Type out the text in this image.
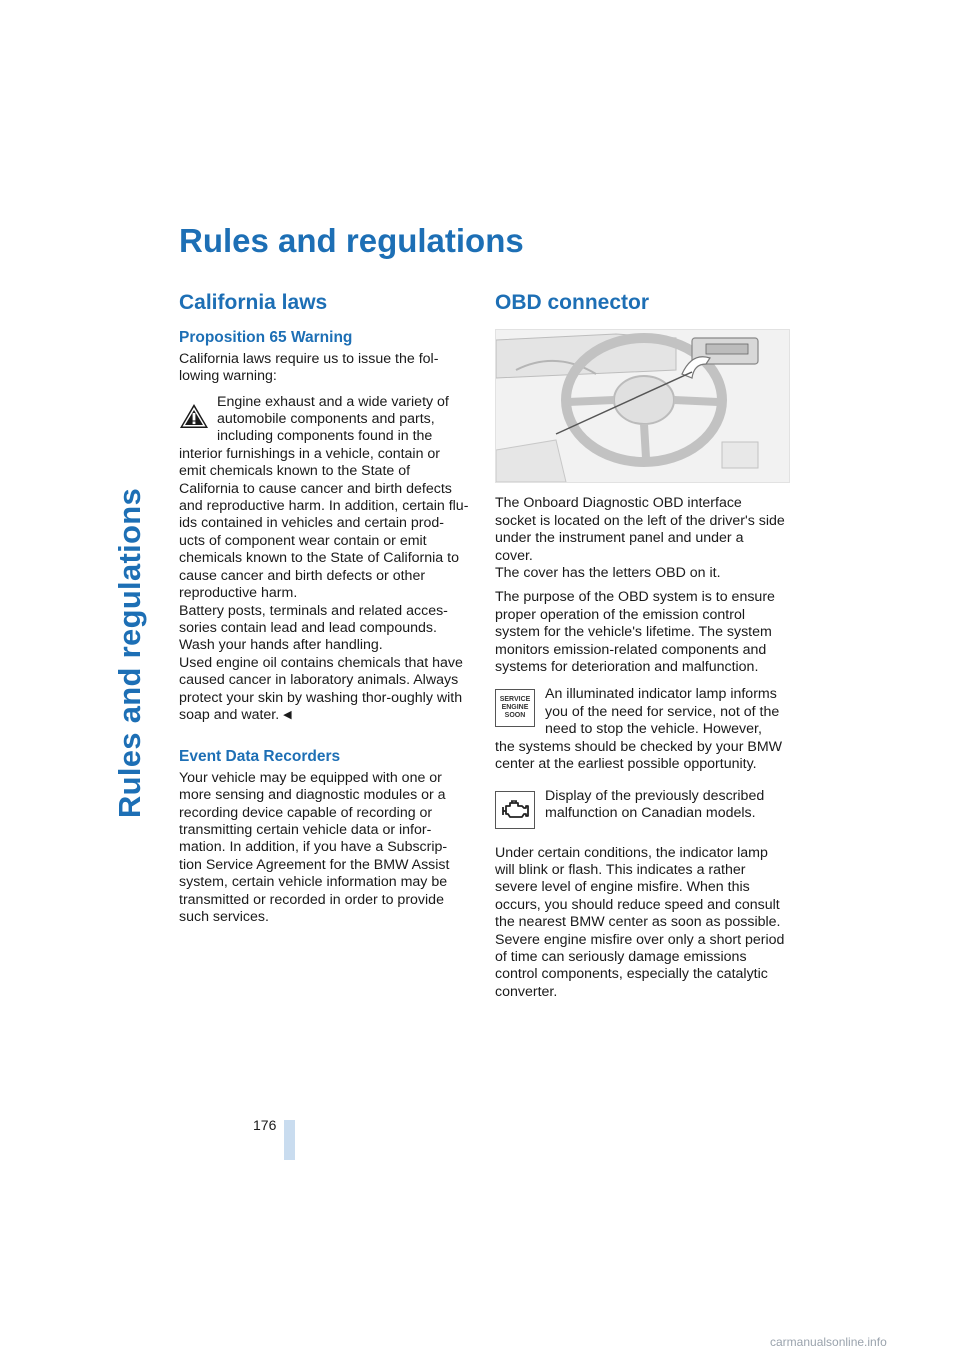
Rules and regulations
Rules and regulations
California laws
Proposition 65 Warning

California laws require us to issue the fol-lowing warning:

Engine exhaust and a wide variety of automobile components and parts, including components found in the interior furnishings in a vehicle, contain or emit chemicals known to the State of California to cause cancer and birth defects and reproductive harm. In addition, certain flu-ids contained in vehicles and certain prod-ucts of component wear contain or emit chemicals known to the State of California to cause cancer and birth defects or other reproductive harm.

Battery posts, terminals and related acces-sories contain lead and lead compounds. Wash your hands after handling.

Used engine oil contains chemicals that have caused cancer in laboratory animals. Always protect your skin by washing thor-oughly with soap and water. ◀

Event Data Recorders

Your vehicle may be equipped with one or more sensing and diagnostic modules or a recording device capable of recording or transmitting certain vehicle data or infor-mation. In addition, if you have a Subscrip-tion Service Agreement for the BMW Assist system, certain vehicle information may be transmitted or recorded in order to provide such services.

OBD connector

The Onboard Diagnostic OBD interface socket is located on the left of the driver's side under the instrument panel and under a cover.

The cover has the letters OBD on it.

The purpose of the OBD system is to ensure proper operation of the emission control system for the vehicle's lifetime. The system monitors emission-related components and systems for deterioration and malfunction.

SERVICE
ENGINE
SOON

An illuminated indicator lamp informs you of the need for service, not of the need to stop the vehicle. However, the systems should be checked by your BMW center at the earliest possible opportunity.

Display of the previously described malfunction on Canadian models.

Under certain conditions, the indicator lamp will blink or flash. This indicates a rather severe level of engine misfire. When this occurs, you should reduce speed and consult the nearest BMW center as soon as possible. Severe engine misfire over only a short period of time can seriously damage emissions control components, especially the catalytic converter.

176
carmanualsonline.info
